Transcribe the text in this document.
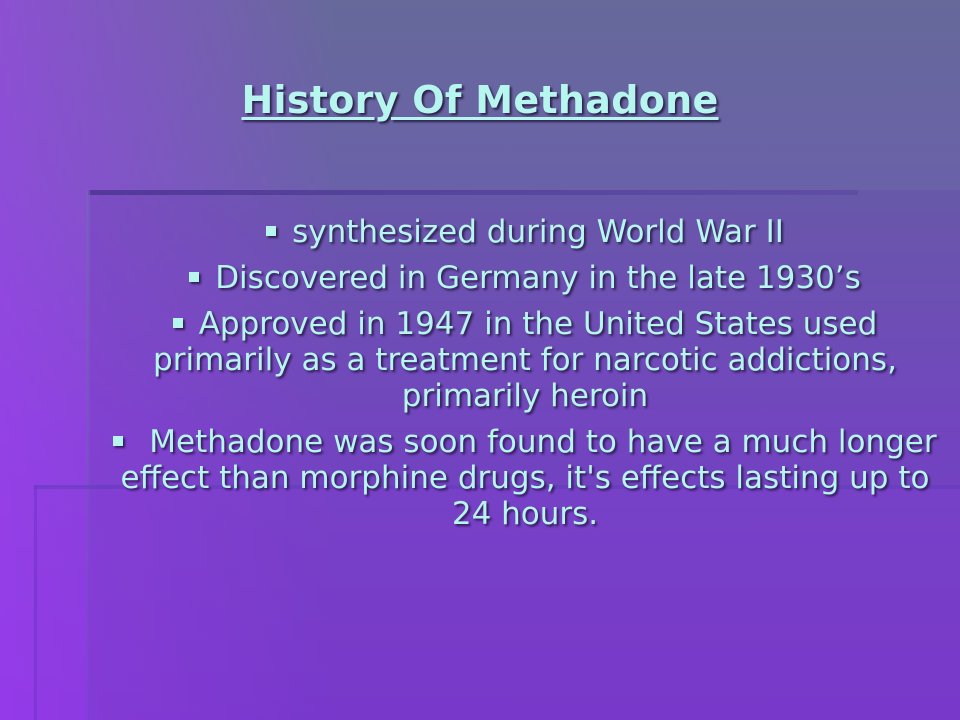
History Of Methadone
synthesized during World War II
Discovered in Germany in the late 1930’s
Approved in 1947 in the United States used primarily as a treatment for narcotic addictions, primarily heroin
Methadone was soon found to have a much longer effect than morphine drugs, it's effects lasting up to 24 hours.
